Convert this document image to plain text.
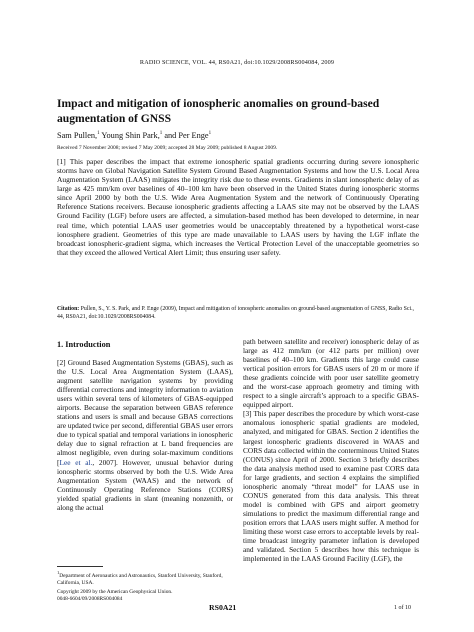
RADIO SCIENCE, VOL. 44, RS0A21, doi:10.1029/2008RS004084, 2009
Impact and mitigation of ionospheric anomalies on ground-based augmentation of GNSS
Sam Pullen,$^1$ Young Shin Park,$^1$ and Per Enge$^1$
Received 7 November 2008; revised 7 May 2009; accepted 28 May 2009; published 8 August 2009.
[1] This paper describes the impact that extreme ionospheric spatial gradients occurring during severe ionospheric storms have on Global Navigation Satellite System Ground Based Augmentation Systems and how the U.S. Local Area Augmentation System (LAAS) mitigates the integrity risk due to these events. Gradients in slant ionospheric delay of as large as 425 mm/km over baselines of 40–100 km have been observed in the United States during ionospheric storms since April 2000 by both the U.S. Wide Area Augmentation System and the network of Continuously Operating Reference Stations receivers. Because ionospheric gradients affecting a LAAS site may not be observed by the LAAS Ground Facility (LGF) before users are affected, a simulation-based method has been developed to determine, in near real time, which potential LAAS user geometries would be unacceptably threatened by a hypothetical worst-case ionosphere gradient. Geometries of this type are made unavailable to LAAS users by having the LGF inflate the broadcast ionospheric-gradient sigma, which increases the Vertical Protection Level of the unacceptable geometries so that they exceed the allowed Vertical Alert Limit; thus ensuring user safety.
Citation: Pullen, S., Y. S. Park, and P. Enge (2009), Impact and mitigation of ionospheric anomalies on ground-based augmentation of GNSS, Radio Sci., 44, RS0A21, doi:10.1029/2008RS004084.
1. Introduction

[2] Ground Based Augmentation Systems (GBAS), such as the U.S. Local Area Augmentation System (LAAS), augment satellite navigation systems by providing differential corrections and integrity information to aviation users within several tens of kilometers of GBAS-equipped airports. Because the separation between GBAS reference stations and users is small and because GBAS corrections are updated twice per second, differential GBAS user errors due to typical spatial and temporal variations in ionospheric delay due to signal refraction at L band frequencies are almost negligible, even during solar-maximum conditions [Lee et al., 2007]. However, unusual behavior during ionospheric storms observed by both the U.S. Wide Area Augmentation System (WAAS) and the network of Continuously Operating Reference Stations (CORS) yielded spatial gradients in slant (meaning nonzenith, or along the actual

path between satellite and receiver) ionospheric delay of as large as 412 mm/km (or 412 parts per million) over baselines of 40–100 km. Gradients this large could cause vertical position errors for GBAS users of 20 m or more if these gradients coincide with poor user satellite geometry and the worst-case approach geometry and timing with respect to a single aircraft’s approach to a specific GBAS-equipped airport.

[3] This paper describes the procedure by which worst-case anomalous ionospheric spatial gradients are modeled, analyzed, and mitigated for GBAS. Section 2 identifies the largest ionospheric gradients discovered in WAAS and CORS data collected within the conterminous United States (CONUS) since April of 2000. Section 3 briefly describes the data analysis method used to examine past CORS data for large gradients, and section 4 explains the simplified ionospheric anomaly “threat model” for LAAS use in CONUS generated from this data analysis. This threat model is combined with GPS and airport geometry simulations to predict the maximum differential range and position errors that LAAS users might suffer. A method for limiting these worst case errors to acceptable levels by real-time broadcast integrity parameter inflation is developed and validated. Section 5 describes how this technique is implemented in the LAAS Ground Facility (LGF), the

$^1$Department of Aeronautics and Astronautics, Stanford University, Stanford, California, USA.
Copyright 2009 by the American Geophysical Union.
0048-6604/09/2008RS004084
RS0A21	1 of 10
